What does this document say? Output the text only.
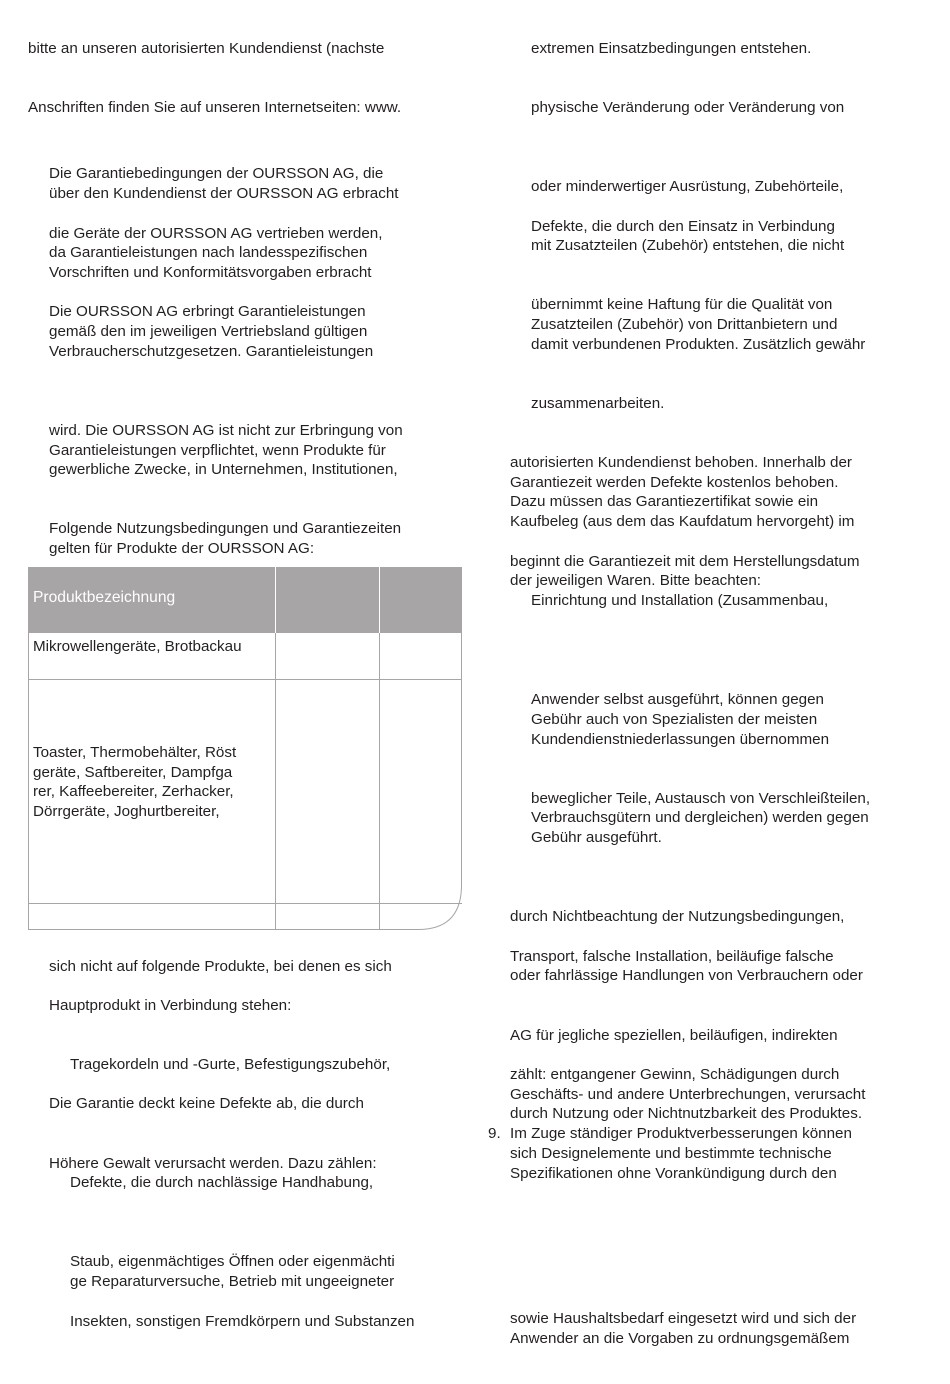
bitte an unseren autorisierten Kundendienst (nachste

Anschriften finden Sie auf unseren Internetseiten: www.

Die Garantiebedingungen der OURSSON AG, die

über den Kundendienst der OURSSON AG erbracht

die Geräte der OURSSON AG vertrieben werden,

da Garantieleistungen nach landesspezifischen

Vorschriften und Konformitätsvorgaben erbracht

Die OURSSON AG erbringt Garantieleistungen

gemäß den im jeweiligen Vertriebsland gültigen

Verbraucherschutzgesetzen. Garantieleistungen

wird. Die OURSSON AG ist nicht zur Erbringung von

Garantieleistungen verpflichtet, wenn Produkte für

gewerbliche Zwecke, in Unternehmen, Institutionen,

Folgende Nutzungsbedingungen und Garantiezeiten

gelten für Produkte der OURSSON AG:

Produktbezeichnung
Mikrowellengeräte, Brotbackau
Toaster, Thermobehälter, Röst
geräte, Saftbereiter, Dampfga
rer, Kaffeebereiter, Zerhacker,
Dörrgeräte, Joghurtbereiter,

sich nicht auf folgende Produkte, bei denen es sich

Hauptprodukt in Verbindung stehen:

Tragekordeln und -Gurte, Befestigungszubehör,

Die Garantie deckt keine Defekte ab, die durch

Höhere Gewalt verursacht werden. Dazu zählen:

Defekte, die durch nachlässige Handhabung,

Staub, eigenmächtiges Öffnen oder eigenmächti

ge Reparaturversuche, Betrieb mit ungeeigneter

Insekten, sonstigen Fremdkörpern und Substanzen

extremen Einsatzbedingungen entstehen.

physische Veränderung oder Veränderung von

oder minderwertiger Ausrüstung, Zubehörteile,

Defekte, die durch den Einsatz in Verbindung

mit Zusatzteilen (Zubehör) entstehen, die nicht

übernimmt keine Haftung für die Qualität von

Zusatzteilen (Zubehör) von Drittanbietern und

damit verbundenen Produkten. Zusätzlich gewähr

zusammenarbeiten.

autorisierten Kundendienst behoben. Innerhalb der

Garantiezeit werden Defekte kostenlos behoben.

Dazu müssen das Garantiezertifikat sowie ein

Kaufbeleg (aus dem das Kaufdatum hervorgeht) im

beginnt die Garantiezeit mit dem Herstellungsdatum

der jeweiligen Waren. Bitte beachten:

Einrichtung und Installation (Zusammenbau,

Anwender selbst ausgeführt, können gegen

Gebühr auch von Spezialisten der meisten

Kundendienstniederlassungen übernommen

beweglicher Teile, Austausch von Verschleißteilen,

Verbrauchsgütern und dergleichen) werden gegen

Gebühr ausgeführt.

durch Nichtbeachtung der Nutzungsbedingungen,

Transport, falsche Installation, beiläufige falsche

oder fahrlässige Handlungen von Verbrauchern oder

AG für jegliche speziellen, beiläufigen, indirekten

zählt: entgangener Gewinn, Schädigungen durch

Geschäfts- und andere Unterbrechungen, verursacht

durch Nutzung oder Nichtnutzbarkeit des Produktes.

9. Im Zuge ständiger Produktverbesserungen können

sich Designelemente und bestimmte technische

Spezifikationen ohne Vorankündigung durch den

sowie Haushaltsbedarf eingesetzt wird und sich der

Anwender an die Vorgaben zu ordnungsgemäßem
